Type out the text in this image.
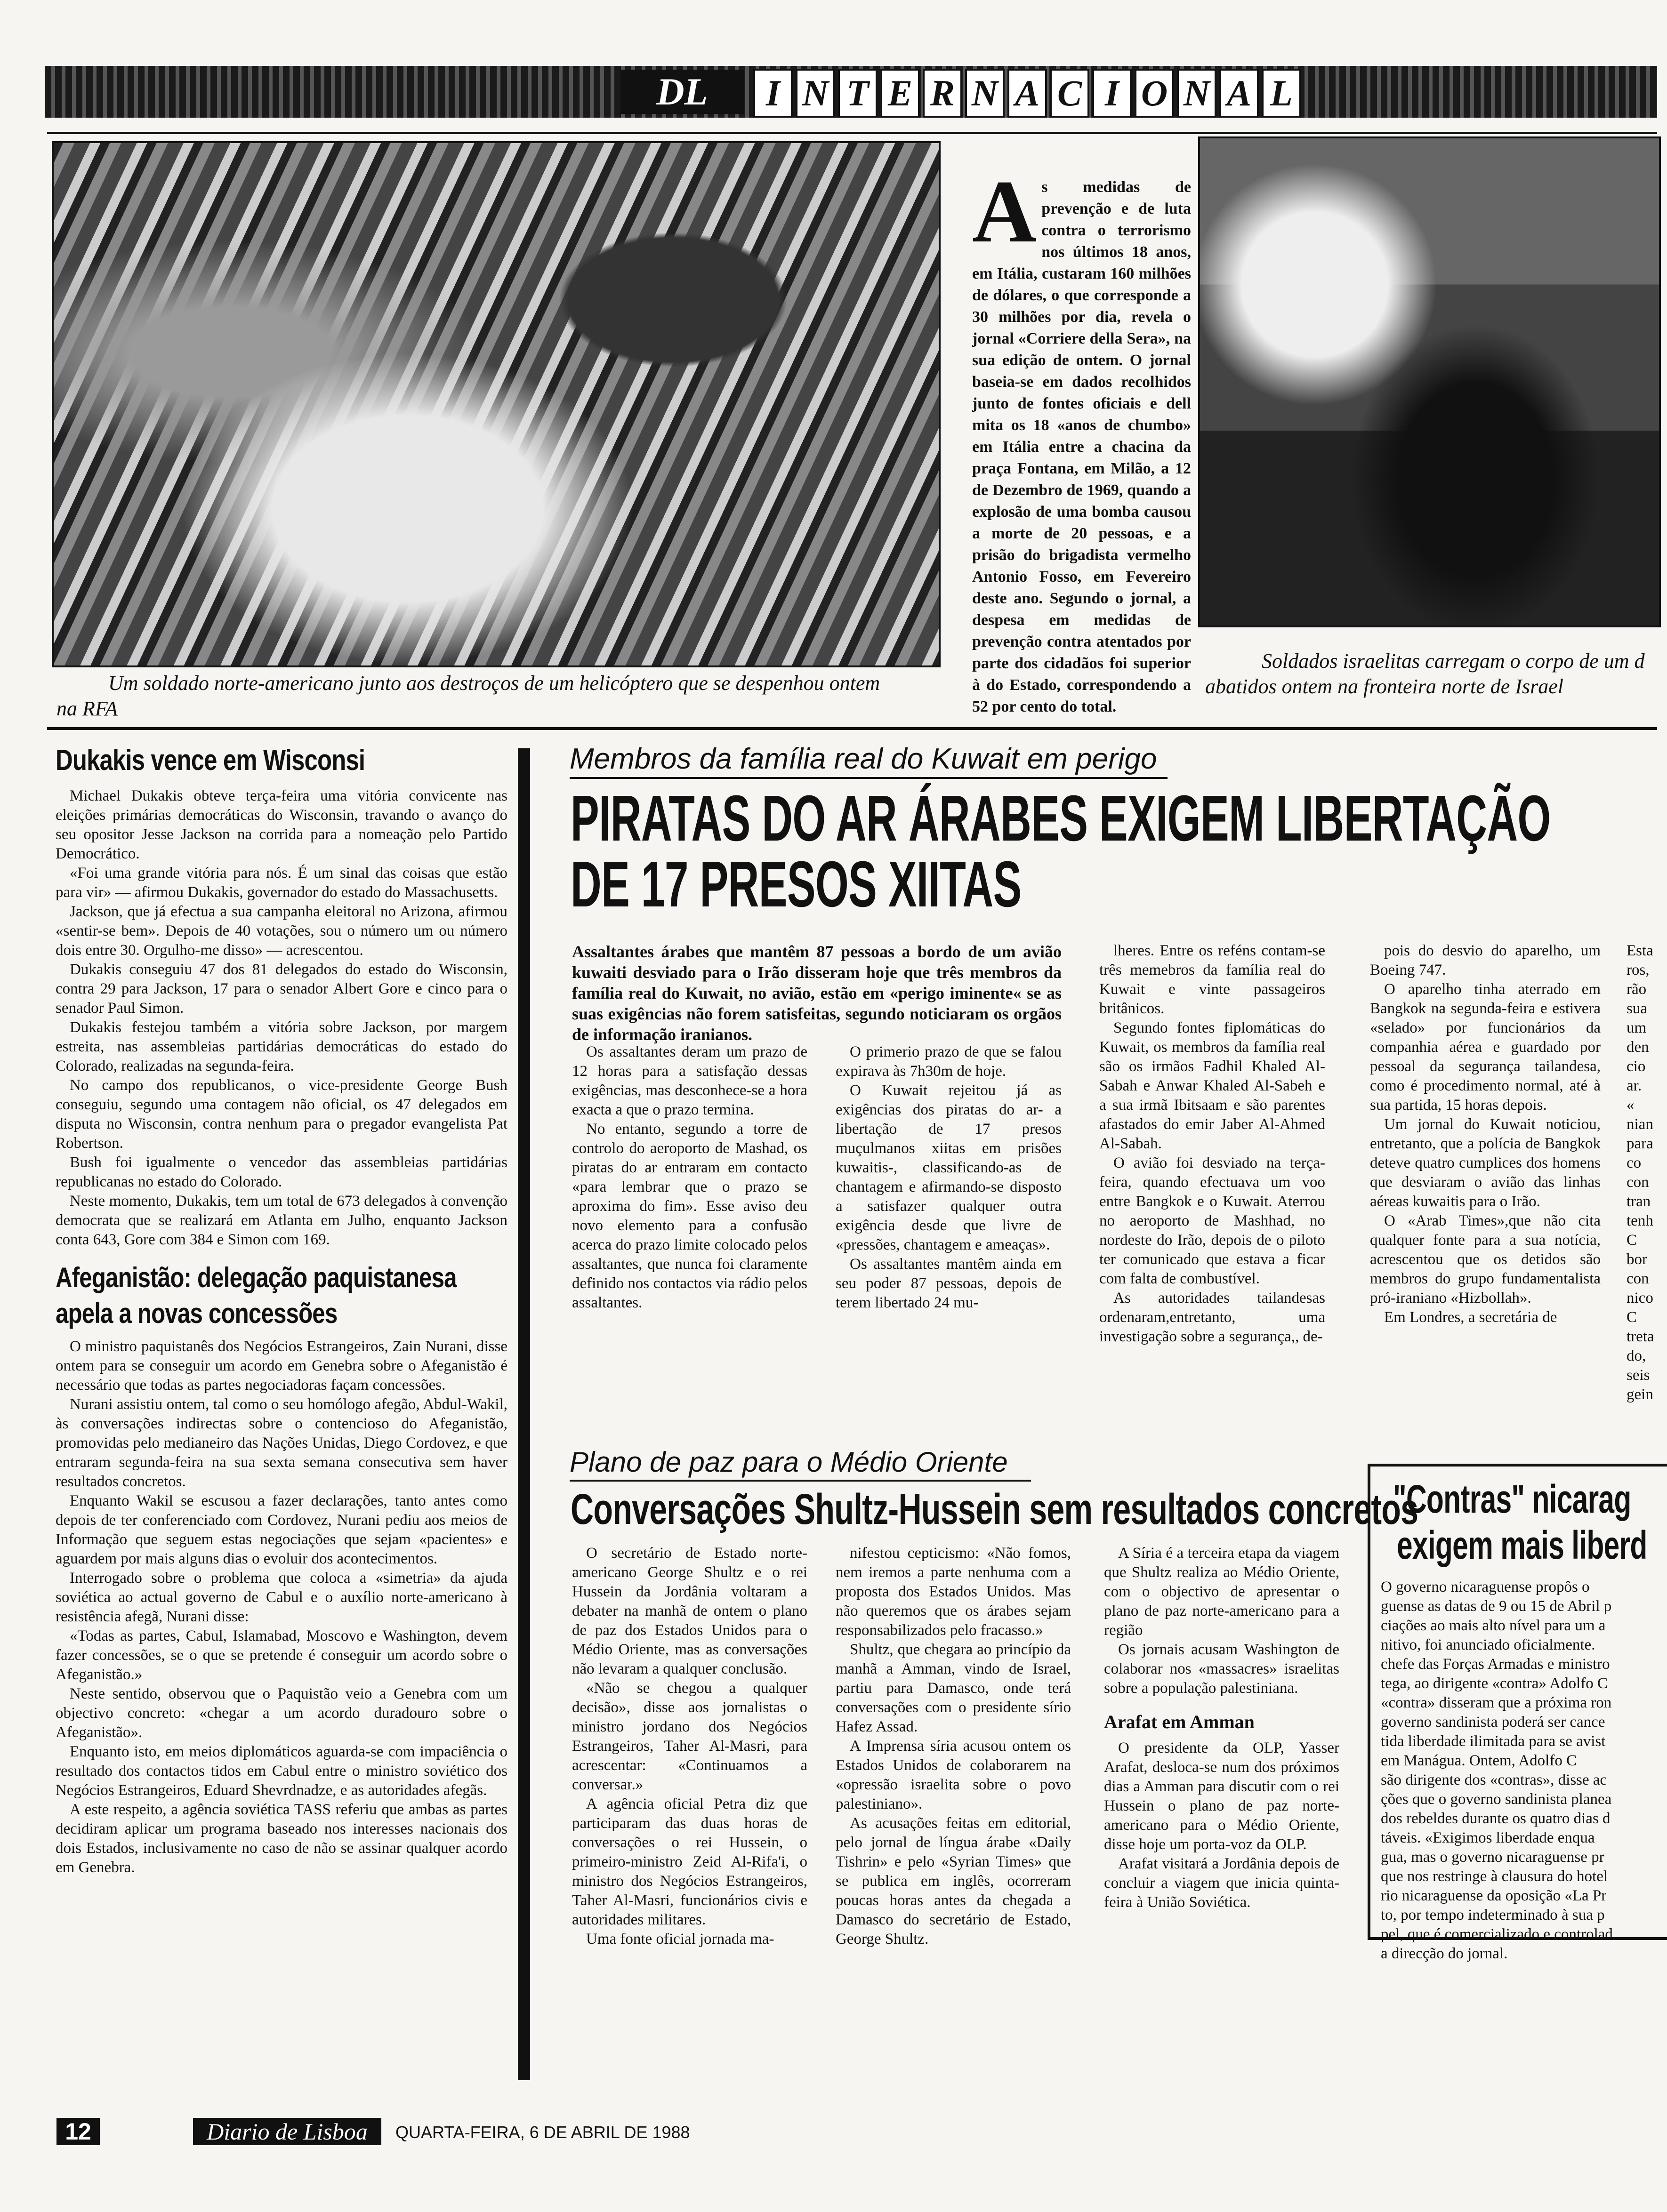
DL	I N T E R N A C I O N A L
Um soldado norte-americano junto aos destroços de um helicóptero que se despenhou ontem na RFA
A s medidas de prevenção e de luta contra o terrorismo nos últimos 18 anos, em Itália, custaram 160 milhões de dólares, o que corresponde a 30 milhões por dia, revela o jornal «Corriere della Sera», na sua edição de ontem. O jornal baseia-se em dados recolhidos junto de fontes oficiais e dell mita os 18 «anos de chumbo» em Itália entre a chacina da praça Fontana, em Milão, a 12 de Dezembro de 1969, quando a explosão de uma bomba causou a morte de 20 pessoas, e a prisão do brigadista vermelho Antonio Fosso, em Fevereiro deste ano. Segundo o jornal, a despesa em medidas de prevenção contra atentados por parte dos cidadãos foi superior à do Estado, correspondendo a 52 por cento do total.
Soldados israelitas carregam o corpo de um d abatidos ontem na fronteira norte de Israel
Dukakis vence em Wisconsi

Michael Dukakis obteve terça-feira uma vitória convicente nas eleições primárias democráticas do Wisconsin, travando o avanço do seu opositor Jesse Jackson na corrida para a nomeação pelo Partido Democrático.

«Foi uma grande vitória para nós. É um sinal das coisas que estão para vir» — afirmou Dukakis, governador do estado do Massachusetts.

Jackson, que já efectua a sua campanha eleitoral no Arizona, afirmou «sentir-se bem». Depois de 40 votações, sou o número um ou número dois entre 30. Orgulho-me disso» — acrescentou.

Dukakis conseguiu 47 dos 81 delegados do estado do Wisconsin, contra 29 para Jackson, 17 para o senador Albert Gore e cinco para o senador Paul Simon.

Dukakis festejou também a vitória sobre Jackson, por margem estreita, nas assembleias partidárias democráticas do estado do Colorado, realizadas na segunda-feira.

No campo dos republicanos, o vice-presidente George Bush conseguiu, segundo uma contagem não oficial, os 47 delegados em disputa no Wisconsin, contra nenhum para o pregador evangelista Pat Robertson.

Bush foi igualmente o vencedor das assembleias partidárias republicanas no estado do Colorado.

Neste momento, Dukakis, tem um total de 673 delegados à convenção democrata que se realizará em Atlanta em Julho, enquanto Jackson conta 643, Gore com 384 e Simon com 169.

Afeganistão: delegação paquistanesa
apela a novas concessões

O ministro paquistanês dos Negócios Estrangeiros, Zain Nurani, disse ontem para se conseguir um acordo em Genebra sobre o Afeganistão é necessário que todas as partes negociadoras façam concessões.

Nurani assistiu ontem, tal como o seu homólogo afegão, Abdul-Wakil, às conversações indirectas sobre o contencioso do Afeganistão, promovidas pelo medianeiro das Nações Unidas, Diego Cordovez, e que entraram segunda-feira na sua sexta semana consecutiva sem haver resultados concretos.

Enquanto Wakil se escusou a fazer declarações, tanto antes como depois de ter conferenciado com Cordovez, Nurani pediu aos meios de Informação que seguem estas negociações que sejam «pacientes» e aguardem por mais alguns dias o evoluir dos acontecimentos.

Interrogado sobre o problema que coloca a «simetria» da ajuda soviética ao actual governo de Cabul e o auxílio norte-americano à resistência afegã, Nurani disse:

«Todas as partes, Cabul, Islamabad, Moscovo e Washington, devem fazer concessões, se o que se pretende é conseguir um acordo sobre o Afeganistão.»

Neste sentido, observou que o Paquistão veio a Genebra com um objectivo concreto: «chegar a um acordo duradouro sobre o Afeganistão».

Enquanto isto, em meios diplomáticos aguarda-se com impaciência o resultado dos contactos tidos em Cabul entre o ministro soviético dos Negócios Estrangeiros, Eduard Shevrdnadze, e as autoridades afegãs.

A este respeito, a agência soviética TASS referiu que ambas as partes decidiram aplicar um programa baseado nos interesses nacionais dos dois Estados, inclusivamente no caso de não se assinar qualquer acordo em Genebra.

Membros da família real do Kuwait em perigo
PIRATAS DO AR ÁRABES EXIGEM LIBERTAÇÃO
DE 17 PRESOS XIITAS
Assaltantes árabes que mantêm 87 pessoas a bordo de um avião kuwaiti desviado para o Irão disseram hoje que três membros da família real do Kuwait, no avião, estão em «perigo iminente« se as suas exigências não forem satisfeitas, segundo noticiaram os orgãos de informação iranianos.

Os assaltantes deram um prazo de 12 horas para a satisfação dessas exigências, mas desconhece-se a hora exacta a que o prazo termina.

No entanto, segundo a torre de controlo do aeroporto de Mashad, os piratas do ar entraram em contacto «para lembrar que o prazo se aproxima do fim». Esse aviso deu novo elemento para a confusão acerca do prazo limite colocado pelos assaltantes, que nunca foi claramente definido nos contactos via rádio pelos assaltantes.

O primerio prazo de que se falou expirava às 7h30m de hoje.

O Kuwait rejeitou já as exigências dos piratas do ar- a libertação de 17 presos muçulmanos xiitas em prisões kuwaitis-, classificando-as de chantagem e afirmando-se disposto a satisfazer qualquer outra exigência desde que livre de «pressões, chantagem e ameaças».

Os assaltantes mantêm ainda em seu poder 87 pessoas, depois de terem libertado 24 mu-

lheres. Entre os reféns contam-se três memebros da família real do Kuwait e vinte passageiros britânicos.

Segundo fontes fiplomáticas do Kuwait, os membros da família real são os irmãos Fadhil Khaled Al-Sabah e Anwar Khaled Al-Sabeh e a sua irmã Ibitsaam e são parentes afastados do emir Jaber Al-Ahmed Al-Sabah.

O avião foi desviado na terça-feira, quando efectuava um voo entre Bangkok e o Kuwait. Aterrou no aeroporto de Mashhad, no nordeste do Irão, depois de o piloto ter comunicado que estava a ficar com falta de combustível.

As autoridades tailandesas ordenaram,entretanto, uma investigação sobre a segurança,, de-

pois do desvio do aparelho, um Boeing 747.

O aparelho tinha aterrado em Bangkok na segunda-feira e estivera «selado» por funcionários da companhia aérea e guardado por pessoal da segurança tailandesa, como é procedimento normal, até à sua partida, 15 horas depois.

Um jornal do Kuwait noticiou, entretanto, que a polícia de Bangkok deteve quatro cumplices dos homens que desviaram o avião das linhas aéreas kuwaitis para o Irão.

O «Arab Times»,que não cita qualquer fonte para a sua notícia, acrescentou que os detidos são membros do grupo fundamentalista pró-iraniano «Hizbollah».

Em Londres, a secretária de

Esta

ros,

rão

sua

um

den

cio

ar.

«

nian

para

co

con

tran

tenh

C

bor

con

nico

C

treta

do,

seis

gein

Plano de paz para o Médio Oriente
Conversações Shultz-Hussein sem resultados concretos

O secretário de Estado norte-americano George Shultz e o rei Hussein da Jordânia voltaram a debater na manhã de ontem o plano de paz dos Estados Unidos para o Médio Oriente, mas as conversações não levaram a qualquer conclusão.

«Não se chegou a qualquer decisão», disse aos jornalistas o ministro jordano dos Negócios Estrangeiros, Taher Al-Masri, para acrescentar: «Continuamos a conversar.»

A agência oficial Petra diz que participaram das duas horas de conversações o rei Hussein, o primeiro-ministro Zeid Al-Rifa'i, o ministro dos Negócios Estrangeiros, Taher Al-Masri, funcionários civis e autoridades militares.

Uma fonte oficial jornada ma-

nifestou cepticismo: «Não fomos, nem iremos a parte nenhuma com a proposta dos Estados Unidos. Mas não queremos que os árabes sejam responsabilizados pelo fracasso.»

Shultz, que chegara ao princípio da manhã a Amman, vindo de Israel, partiu para Damasco, onde terá conversações com o presidente sírio Hafez Assad.

A Imprensa síria acusou ontem os Estados Unidos de colaborarem na «opressão israelita sobre o povo palestiniano».

As acusações feitas em editorial, pelo jornal de língua árabe «Daily Tishrin» e pelo «Syrian Times» que se publica em inglês, ocorreram poucas horas antes da chegada a Damasco do secretário de Estado, George Shultz.

A Síria é a terceira etapa da viagem que Shultz realiza ao Médio Oriente, com o objectivo de apresentar o plano de paz norte-americano para a região

Os jornais acusam Washington de colaborar nos «massacres» israelitas sobre a população palestiniana.

Arafat em Amman

O presidente da OLP, Yasser Arafat, desloca-se num dos próximos dias a Amman para discutir com o rei Hussein o plano de paz norte-americano para o Médio Oriente, disse hoje um porta-voz da OLP.

Arafat visitará a Jordânia depois de concluir a viagem que inicia quinta-feira à União Soviética.

"Contras" nicarag
exigem mais liberd

O governo nicaraguense propôs o

guense as datas de 9 ou 15 de Abril p

ciações ao mais alto nível para um a

nitivo, foi anunciado oficialmente.

chefe das Forças Armadas e ministro

tega, ao dirigente «contra» Adolfo C

«contra» disseram que a próxima ron

governo sandinista poderá ser cance

tida liberdade ilimitada para se avist

em Manágua. Ontem, Adolfo C

são dirigente dos «contras», disse ac

ções que o governo sandinista planea

dos rebeldes durante os quatro dias d

táveis. «Exigimos liberdade enqua

gua, mas o governo nicaraguense pr

que nos restringe à clausura do hotel

rio nicaraguense da oposição «La Pr

to, por tempo indeterminado à sua p

pel, que é comercializado e controlad

a direcção do jornal.

12	Diario de Lisboa	QUARTA-FEIRA, 6 DE ABRIL DE 1988
